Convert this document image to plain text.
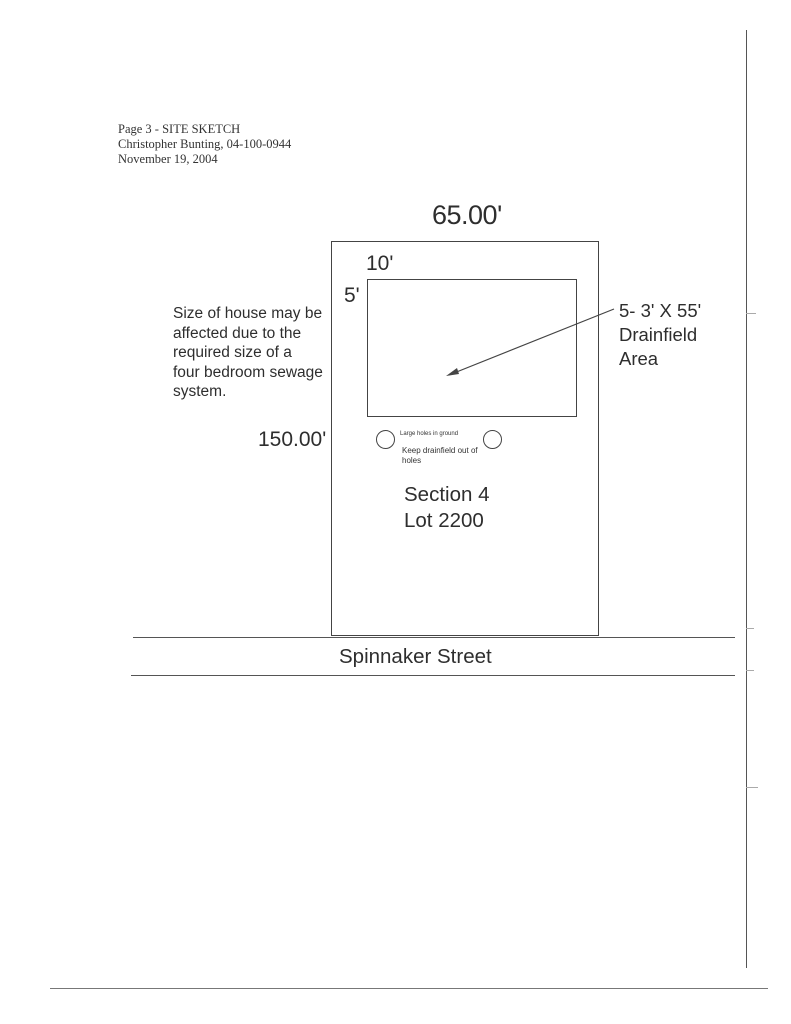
Page 3 - SITE SKETCH
Christopher Bunting, 04-100-0944
November 19, 2004
65.00'
10'
5'
150.00'
Size of house may be
affected due to the
required size of a
four bedroom sewage
system.
5- 3' X 55'
Drainfield
Area
Large holes in ground
Keep drainfield out of
holes
Section 4
Lot 2200
Spinnaker Street
